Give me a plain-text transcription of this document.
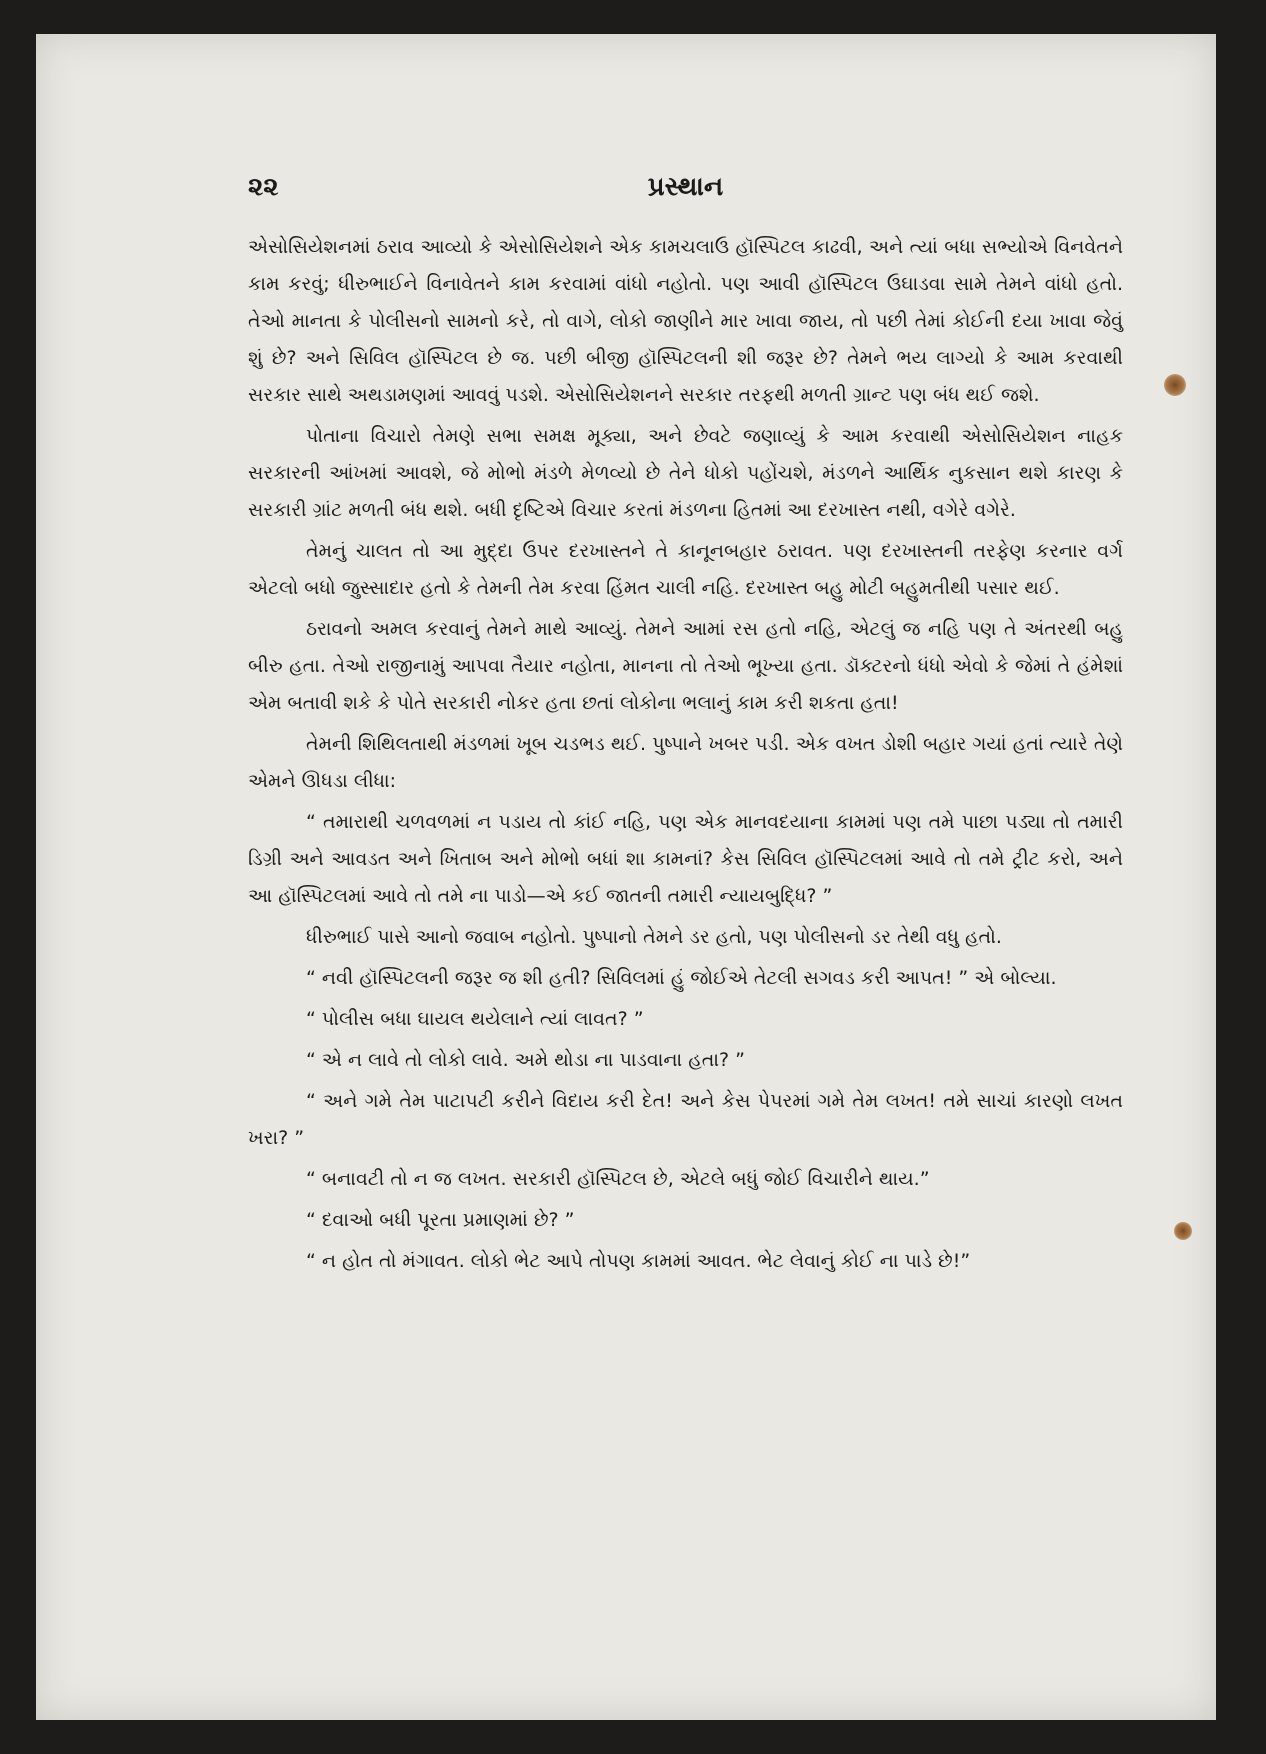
૨૨	પ્રસ્થાન

એસોસિયેશનમાં ઠરાવ આવ્યો કે એસોસિયેશને એક કામચલાઉ હૉસ્પિટલ કાઢવી, અને ત્યાં બધા સભ્યોએ વિનવેતને કામ કરવું; ધીરુભાઈને વિનાવેતને કામ કરવામાં વાંધો નહોતો. પણ આવી હૉસ્પિટલ ઉઘાડવા સામે તેમને વાંધો હતો. તેઓ માનતા કે પોલીસનો સામનો કરે, તો વાગે, લોકો જાણીને માર ખાવા જાય, તો પછી તેમાં કોઈની દયા ખાવા જેવું શું છે? અને સિવિલ હૉસ્પિટલ છે જ. પછી બીજી હૉસ્પિટલની શી જરૂર છે? તેમને ભય લાગ્યો કે આમ કરવાથી સરકાર સાથે અથડામણમાં આવવું પડશે. એસોસિયેશનને સરકાર તરફથી મળતી ગ્રાન્ટ પણ બંધ થઈ જશે.

પોતાના વિચારો તેમણે સભા સમક્ષ મૂક્યા, અને છેવટે જણાવ્યું કે આમ કરવાથી એસોસિયેશન નાહક સરકારની આંખમાં આવશે, જે મોભો મંડળે મેળવ્યો છે તેને ધોકો પહોંચશે, મંડળને આર્થિક નુકસાન થશે કારણ કે સરકારી ગ્રાંટ મળતી બંધ થશે. બધી દૃષ્ટિએ વિચાર કરતાં મંડળના હિતમાં આ દરખાસ્ત નથી, વગેરે વગેરે.

તેમનું ચાલત તો આ મુદ્દા ઉપર દરખાસ્તને તે કાનૂનબહાર ઠરાવત. પણ દરખાસ્તની તરફેણ કરનાર વર્ગ એટલો બધો જુસ્સાદાર હતો કે તેમની તેમ કરવા હિંમત ચાલી નહિ. દરખાસ્ત બહુ મોટી બહુમતીથી પસાર થઈ.

ઠરાવનો અમલ કરવાનું તેમને માથે આવ્યું. તેમને આમાં રસ હતો નહિ, એટલું જ નહિ પણ તે અંતરથી બહુ બીરુ હતા. તેઓ રાજીનામું આપવા તૈયાર નહોતા, માનના તો તેઓ ભૂખ્યા હતા. ડૉક્ટરનો ધંધો એવો કે જેમાં તે હંમેશાં એમ બતાવી શકે કે પોતે સરકારી નોકર હતા છતાં લોકોના ભલાનું કામ કરી શકતા હતા!

તેમની શિથિલતાથી મંડળમાં ખૂબ ચડભડ થઈ. પુષ્પાને ખબર પડી. એક વખત ડોશી બહાર ગયાં હતાં ત્યારે તેણે એમને ઊધડા લીધા:

“ તમારાથી ચળવળમાં ન પડાય તો કાંઈ નહિ, પણ એક માનવદયાના કામમાં પણ તમે પાછા પડ્યા તો તમારી ડિગ્રી અને આવડત અને ખિતાબ અને મોભો બધાં શા કામનાં? કેસ સિવિલ હૉસ્પિટલમાં આવે તો તમે ટ્રીટ કરો, અને આ હૉસ્પિટલમાં આવે તો તમે ના પાડો—એ કઈ જાતની તમારી ન્યાયબુદ્ધિ? ”

ધીરુભાઈ પાસે આનો જવાબ નહોતો. પુષ્પાનો તેમને ડર હતો, પણ પોલીસનો ડર તેથી વધુ હતો.

“ નવી હૉસ્પિટલની જરૂર જ શી હતી? સિવિલમાં હું જોઈએ તેટલી સગવડ કરી આપત! ” એ બોલ્યા.

“ પોલીસ બધા ઘાયલ થયેલાને ત્યાં લાવત? ”

“ એ ન લાવે તો લોકો લાવે. અમે થોડા ના પાડવાના હતા? ”

“ અને ગમે તેમ પાટાપટી કરીને વિદાય કરી દેત! અને કેસ પેપરમાં ગમે તેમ લખત! તમે સાચાં કારણો લખત ખરા? ”

“ બનાવટી તો ન જ લખત. સરકારી હૉસ્પિટલ છે, એટલે બધું જોઈ વિચારીને થાય.”

“ દવાઓ બધી પૂરતા પ્રમાણમાં છે? ”

“ ન હોત તો મંગાવત. લોકો ભેટ આપે તોપણ કામમાં આવત. ભેટ લેવાનું કોઈ ના પાડે છે!”
